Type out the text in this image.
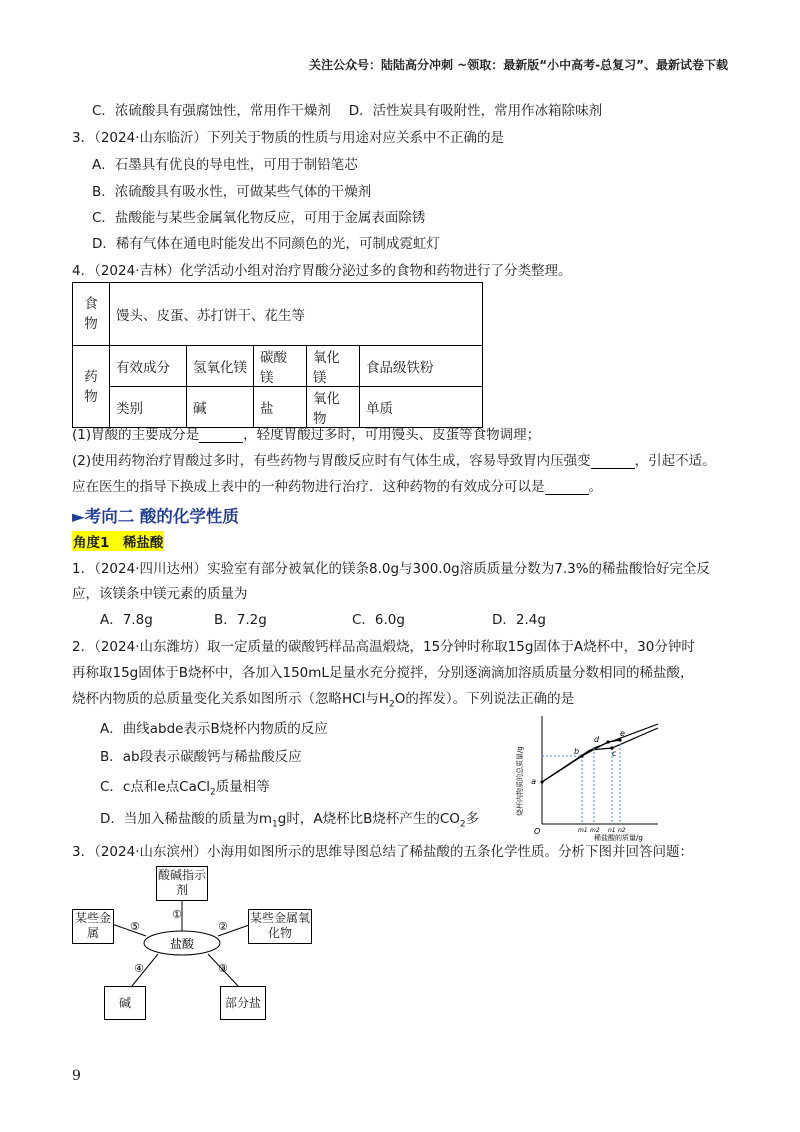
关注公众号：陆陆高分冲刺 ~领取：最新版“小中高考-总复习”、最新试卷下载
C．浓硫酸具有强腐蚀性，常用作干燥剂　 D．活性炭具有吸附性，常用作冰箱除味剂
3．（2024·山东临沂）下列关于物质的性质与用途对应关系中不正确的是
A．石墨具有优良的导电性，可用于制铅笔芯
B．浓硫酸具有吸水性，可做某些气体的干燥剂
C．盐酸能与某些金属氧化物反应，可用于金属表面除锈
D．稀有气体在通电时能发出不同颜色的光，可制成霓虹灯
4．（2024·吉林）化学活动小组对治疗胃酸分泌过多的食物和药物进行了分类整理。
食物	馒头、皮蛋、苏打饼干、花生等				
药物	有效成分	氢氧化镁	碳酸镁	氧化镁	食品级铁粉
	类别	碱	盐	氧化物	单质
(1)胃酸的主要成分是	，轻度胃酸过多时，可用馒头、皮蛋等食物调理；
(2)使用药物治疗胃酸过多时，有些药物与胃酸反应时有气体生成，容易导致胃内压强变	，引起不适。
应在医生的指导下换成上表中的一种药物进行治疗．这种药物的有效成分可以是	。
►考向二 酸的化学性质
角度1　稀盐酸
1．（2024·四川达州）实验室有部分被氧化的镁条8.0g与300.0g溶质质量分数为7.3%的稀盐酸恰好完全反
应，该镁条中镁元素的质量为
A．7.8g	B．7.2g	C．6.0g	D．2.4g
2．（2024·山东潍坊）取一定质量的碳酸钙样品高温煅烧，15分钟时称取15g固体于A烧杯中，30分钟时
再称取15g固体于B烧杯中，各加入150mL足量水充分搅拌，分别逐滴滴加溶质质量分数相同的稀盐酸，
烧杯内物质的总质量变化关系如图所示（忽略HCl与$H_2O$的挥发）。下列说法正确的是
A．曲线abde表示B烧杯内物质的反应
B．ab段表示碳酸钙与稀盐酸反应
C．c点和e点CaCl$_2$质量相等
D．当加入稀盐酸的质量为$m_1g$时，A烧杯比B烧杯产生的$CO_2$多
a
b	c
d
e
O	m1 m2 n1 n2
稀盐酸的质量/g
烧杯内物质的总质量/g
3．（2024·山东滨州）小海用如图所示的思维导图总结了稀盐酸的五条化学性质。分析下图并回答问题：
盐酸
①
②
③
④
⑤
酸碱指示剂
某些金属
某些金属氧化物
碱	部分盐
9
